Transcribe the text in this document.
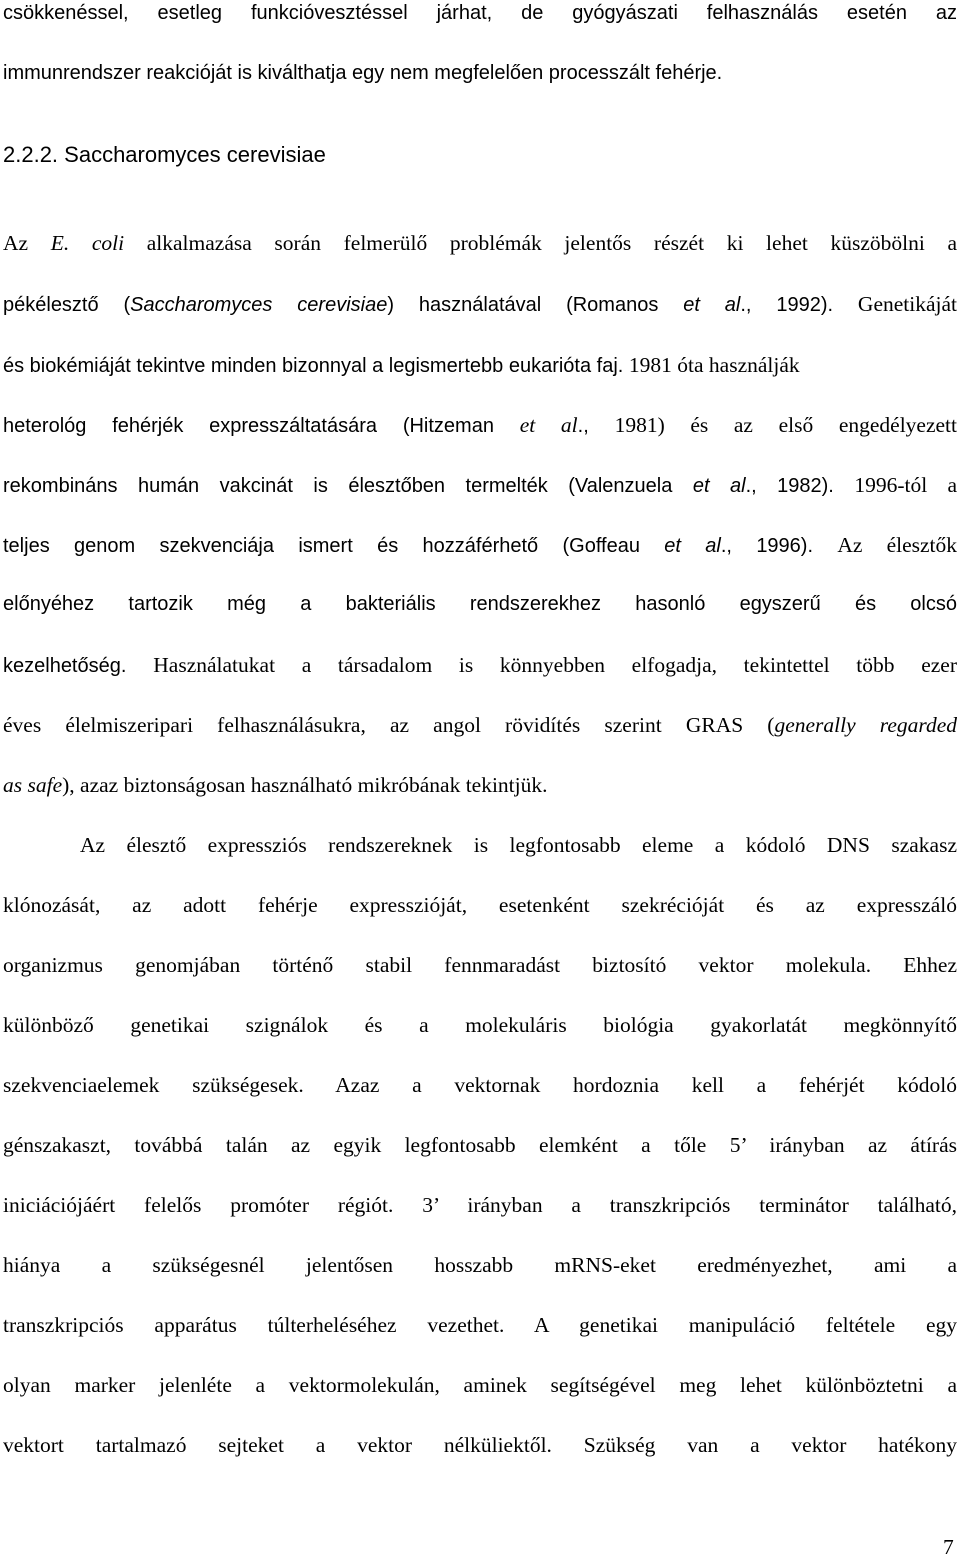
csökkenéssel, esetleg funkcióvesztéssel járhat, de gyógyászati felhasználás esetén az
immunrendszer reakcióját is kiválthatja egy nem megfelelően processzált fehérje.
2.2.2. Saccharomyces cerevisiae
Az E. coli alkalmazása során felmerülő problémák jelentős részét ki lehet küszöbölni a
pékélesztő (Saccharomyces cerevisiae) használatával (Romanos et al., 1992). Genetikáját
és biokémiáját tekintve minden bizonnyal a legismertebb eukarióta faj. 1981 óta használják
heterológ fehérjék expresszáltatására (Hitzeman et al., 1981) és az első engedélyezett
rekombináns humán vakcinát is élesztőben termelték (Valenzuela et al., 1982). 1996-tól a
teljes genom szekvenciája ismert és hozzáférhető (Goffeau et al., 1996). Az élesztők
előnyéhez tartozik még a bakteriális rendszerekhez hasonló egyszerű és olcsó
kezelhetőség. Használatukat a társadalom is könnyebben elfogadja, tekintettel több ezer
éves élelmiszeripari felhasználásukra, az angol rövidítés szerint GRAS (generally regarded
as safe), azaz biztonságosan használható mikróbának tekintjük.
Az élesztő expressziós rendszereknek is legfontosabb eleme a kódoló DNS szakasz
klónozását, az adott fehérje expresszióját, esetenként szekrécióját és az expresszáló
organizmus genomjában történő stabil fennmaradást biztosító vektor molekula. Ehhez
különböző genetikai szignálok és a molekuláris biológia gyakorlatát megkönnyítő
szekvenciaelemek szükségesek. Azaz a vektornak hordoznia kell a fehérjét kódoló
génszakaszt, továbbá talán az egyik legfontosabb elemként a tőle 5’ irányban az átírás
iniciációjáért felelős promóter régiót. 3’ irányban a transzkripciós terminátor található,
hiánya a szükségesnél jelentősen hosszabb mRNS-eket eredményezhet, ami a
transzkripciós apparátus túlterheléséhez vezethet. A genetikai manipuláció feltétele egy
olyan marker jelenléte a vektormolekulán, aminek segítségével meg lehet különböztetni a
vektort tartalmazó sejteket a vektor nélküliektől. Szükség van a vektor hatékony
7
